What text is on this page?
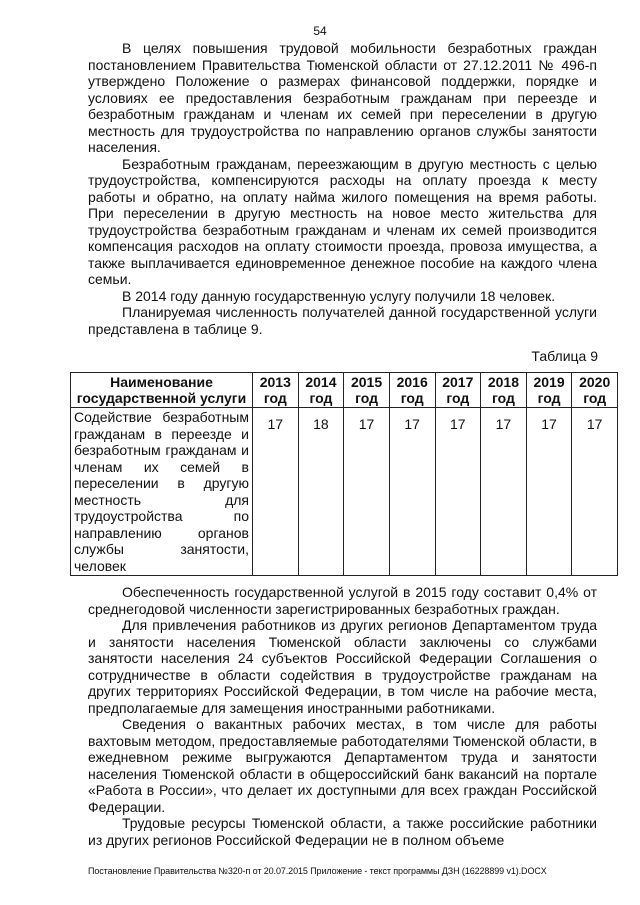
54

В целях повышения трудовой мобильности безработных граждан постановлением Правительства Тюменской области от 27.12.2011 № 496-п утверждено Положение о размерах финансовой поддержки, порядке и условиях ее предоставления безработным гражданам при переезде и безработным гражданам и членам их семей при переселении в другую местность для трудоустройства по направлению органов службы занятости населения.

Безработным гражданам, переезжающим в другую местность с целью трудоустройства, компенсируются расходы на оплату проезда к месту работы и обратно, на оплату найма жилого помещения на время работы. При переселении в другую местность на новое место жительства для трудоустройства безработным гражданам и членам их семей производится компенсация расходов на оплату стоимости проезда, провоза имущества, а также выплачивается единовременное денежное пособие на каждого члена семьи.

В 2014 году данную государственную услугу получили 18 человек.

Планируемая численность получателей данной государственной услуги представлена в таблице 9.

Таблица 9
Наименование государственной услуги	2013 год	2014 год	2015 год	2016 год	2017 год	2018 год	2019 год	2020 год
Содействие безработным гражданам в переезде и безработным гражданам и членам их семей в переселении в другую местность для трудоустройства по направлению органов службы занятости, человек	17	18	17	17	17	17	17	17

Обеспеченность государственной услугой в 2015 году составит 0,4% от среднегодовой численности зарегистрированных безработных граждан.

Для привлечения работников из других регионов Департаментом труда и занятости населения Тюменской области заключены со службами занятости населения 24 субъектов Российской Федерации Соглашения о сотрудничестве в области содействия в трудоустройстве гражданам на других территориях Российской Федерации, в том числе на рабочие места, предполагаемые для замещения иностранными работниками.

Сведения о вакантных рабочих местах, в том числе для работы вахтовым методом, предоставляемые работодателями Тюменской области, в ежедневном режиме выгружаются Департаментом труда и занятости населения Тюменской области в общероссийский банк вакансий на портале «Работа в России», что делает их доступными для всех граждан Российской Федерации.

Трудовые ресурсы Тюменской области, а также российские работники из других регионов Российской Федерации не в полном объеме

Постановление Правительства №320-п от 20.07.2015 Приложение - текст программы ДЗН (16228899 v1).DOCX
